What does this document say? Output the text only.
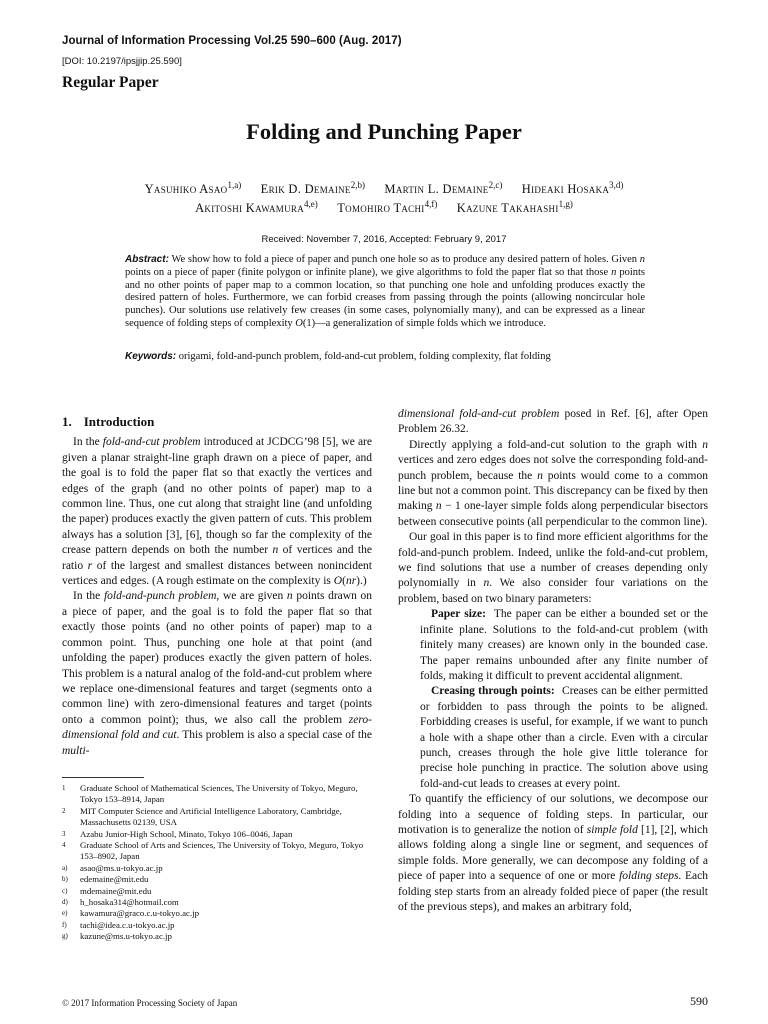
Journal of Information Processing Vol.25 590–600 (Aug. 2017)
[DOI: 10.2197/ipsjjip.25.590]
Regular Paper
Folding and Punching Paper
Yasuhiko Asao$^{1,a)}$ Erik D. Demaine$^{2,b)}$ Martin L. Demaine$^{2,c)}$ Hideaki Hosaka$^{3,d)}$
Akitoshi Kawamura$^{4,e)}$ Tomohiro Tachi$^{4,f)}$ Kazune Takahashi$^{1,g)}$
Received: November 7, 2016, Accepted: February 9, 2017
Abstract: We show how to fold a piece of paper and punch one hole so as to produce any desired pattern of holes. Given n points on a piece of paper (finite polygon or infinite plane), we give algorithms to fold the paper flat so that those n points and no other points of paper map to a common location, so that punching one hole and unfolding produces exactly the desired pattern of holes. Furthermore, we can forbid creases from passing through the points (allowing noncircular hole punches). Our solutions use relatively few creases (in some cases, polynomially many), and can be expressed as a linear sequence of folding steps of complexity O(1)—a generalization of simple folds which we introduce.
Keywords: origami, fold-and-punch problem, fold-and-cut problem, folding complexity, flat folding
1. Introduction

In the fold-and-cut problem introduced at JCDCG’98 [5], we are given a planar straight-line graph drawn on a piece of paper, and the goal is to fold the paper flat so that exactly the vertices and edges of the graph (and no other points of paper) map to a common line. Thus, one cut along that straight line (and unfolding the paper) produces exactly the given pattern of cuts. This problem always has a solution [3], [6], though so far the complexity of the crease pattern depends on both the number n of vertices and the ratio r of the largest and smallest distances between nonincident vertices and edges. (A rough estimate on the complexity is O(nr).)

In the fold-and-punch problem, we are given n points drawn on a piece of paper, and the goal is to fold the paper flat so that exactly those points (and no other points of paper) map to a common point. Thus, punching one hole at that point (and unfolding the paper) produces exactly the given pattern of holes. This problem is a natural analog of the fold-and-cut problem where we replace one-dimensional features and target (segments onto a common line) with zero-dimensional features and target (points onto a common point); thus, we also call the problem zero-dimensional fold and cut. This problem is also a special case of the multi-

dimensional fold-and-cut problem posed in Ref. [6], after Open Problem 26.32.

Directly applying a fold-and-cut solution to the graph with n vertices and zero edges does not solve the corresponding fold-and-punch problem, because the n points would come to a common line but not a common point. This discrepancy can be fixed by then making n − 1 one-layer simple folds along perpendicular bisectors between consecutive points (all perpendicular to the common line).

Our goal in this paper is to find more efficient algorithms for the fold-and-punch problem. Indeed, unlike the fold-and-cut problem, we find solutions that use a number of creases depending only polynomially in n. We also consider four variations on the problem, based on two binary parameters:

Paper size: The paper can be either a bounded set or the infinite plane. Solutions to the fold-and-cut problem (with finitely many creases) are known only in the bounded case. The paper remains unbounded after any finite number of folds, making it difficult to prevent accidental alignment.

Creasing through points: Creases can be either permitted or forbidden to pass through the points to be aligned. Forbidding creases is useful, for example, if we want to punch a hole with a shape other than a circle. Even with a circular punch, creases through the hole give little tolerance for precise hole punching in practice. The solution above using fold-and-cut leads to creases at every point.

To quantify the efficiency of our solutions, we decompose our folding into a sequence of folding steps. In particular, our motivation is to generalize the notion of simple fold [1], [2], which allows folding along a single line or segment, and sequences of simple folds. More generally, we can decompose any folding of a piece of paper into a sequence of one or more folding steps. Each folding step starts from an already folded piece of paper (the result of the previous steps), and makes an arbitrary fold,

1	Graduate School of Mathematical Sciences, The University of Tokyo, Meguro, Tokyo 153–8914, Japan
2	MIT Computer Science and Artificial Intelligence Laboratory, Cambridge, Massachusetts 02139, USA
3	Azabu Junior-High School, Minato, Tokyo 106–0046, Japan
4	Graduate School of Arts and Sciences, The University of Tokyo, Meguro, Tokyo 153–8902, Japan
a)	asao@ms.u-tokyo.ac.jp
b)	edemaine@mit.edu
c)	mdemaine@mit.edu
d)	h_hosaka314@hotmail.com
e)	kawamura@graco.c.u-tokyo.ac.jp
f)	tachi@idea.c.u-tokyo.ac.jp
g)	kazune@ms.u-tokyo.ac.jp
© 2017 Information Processing Society of Japan	590
